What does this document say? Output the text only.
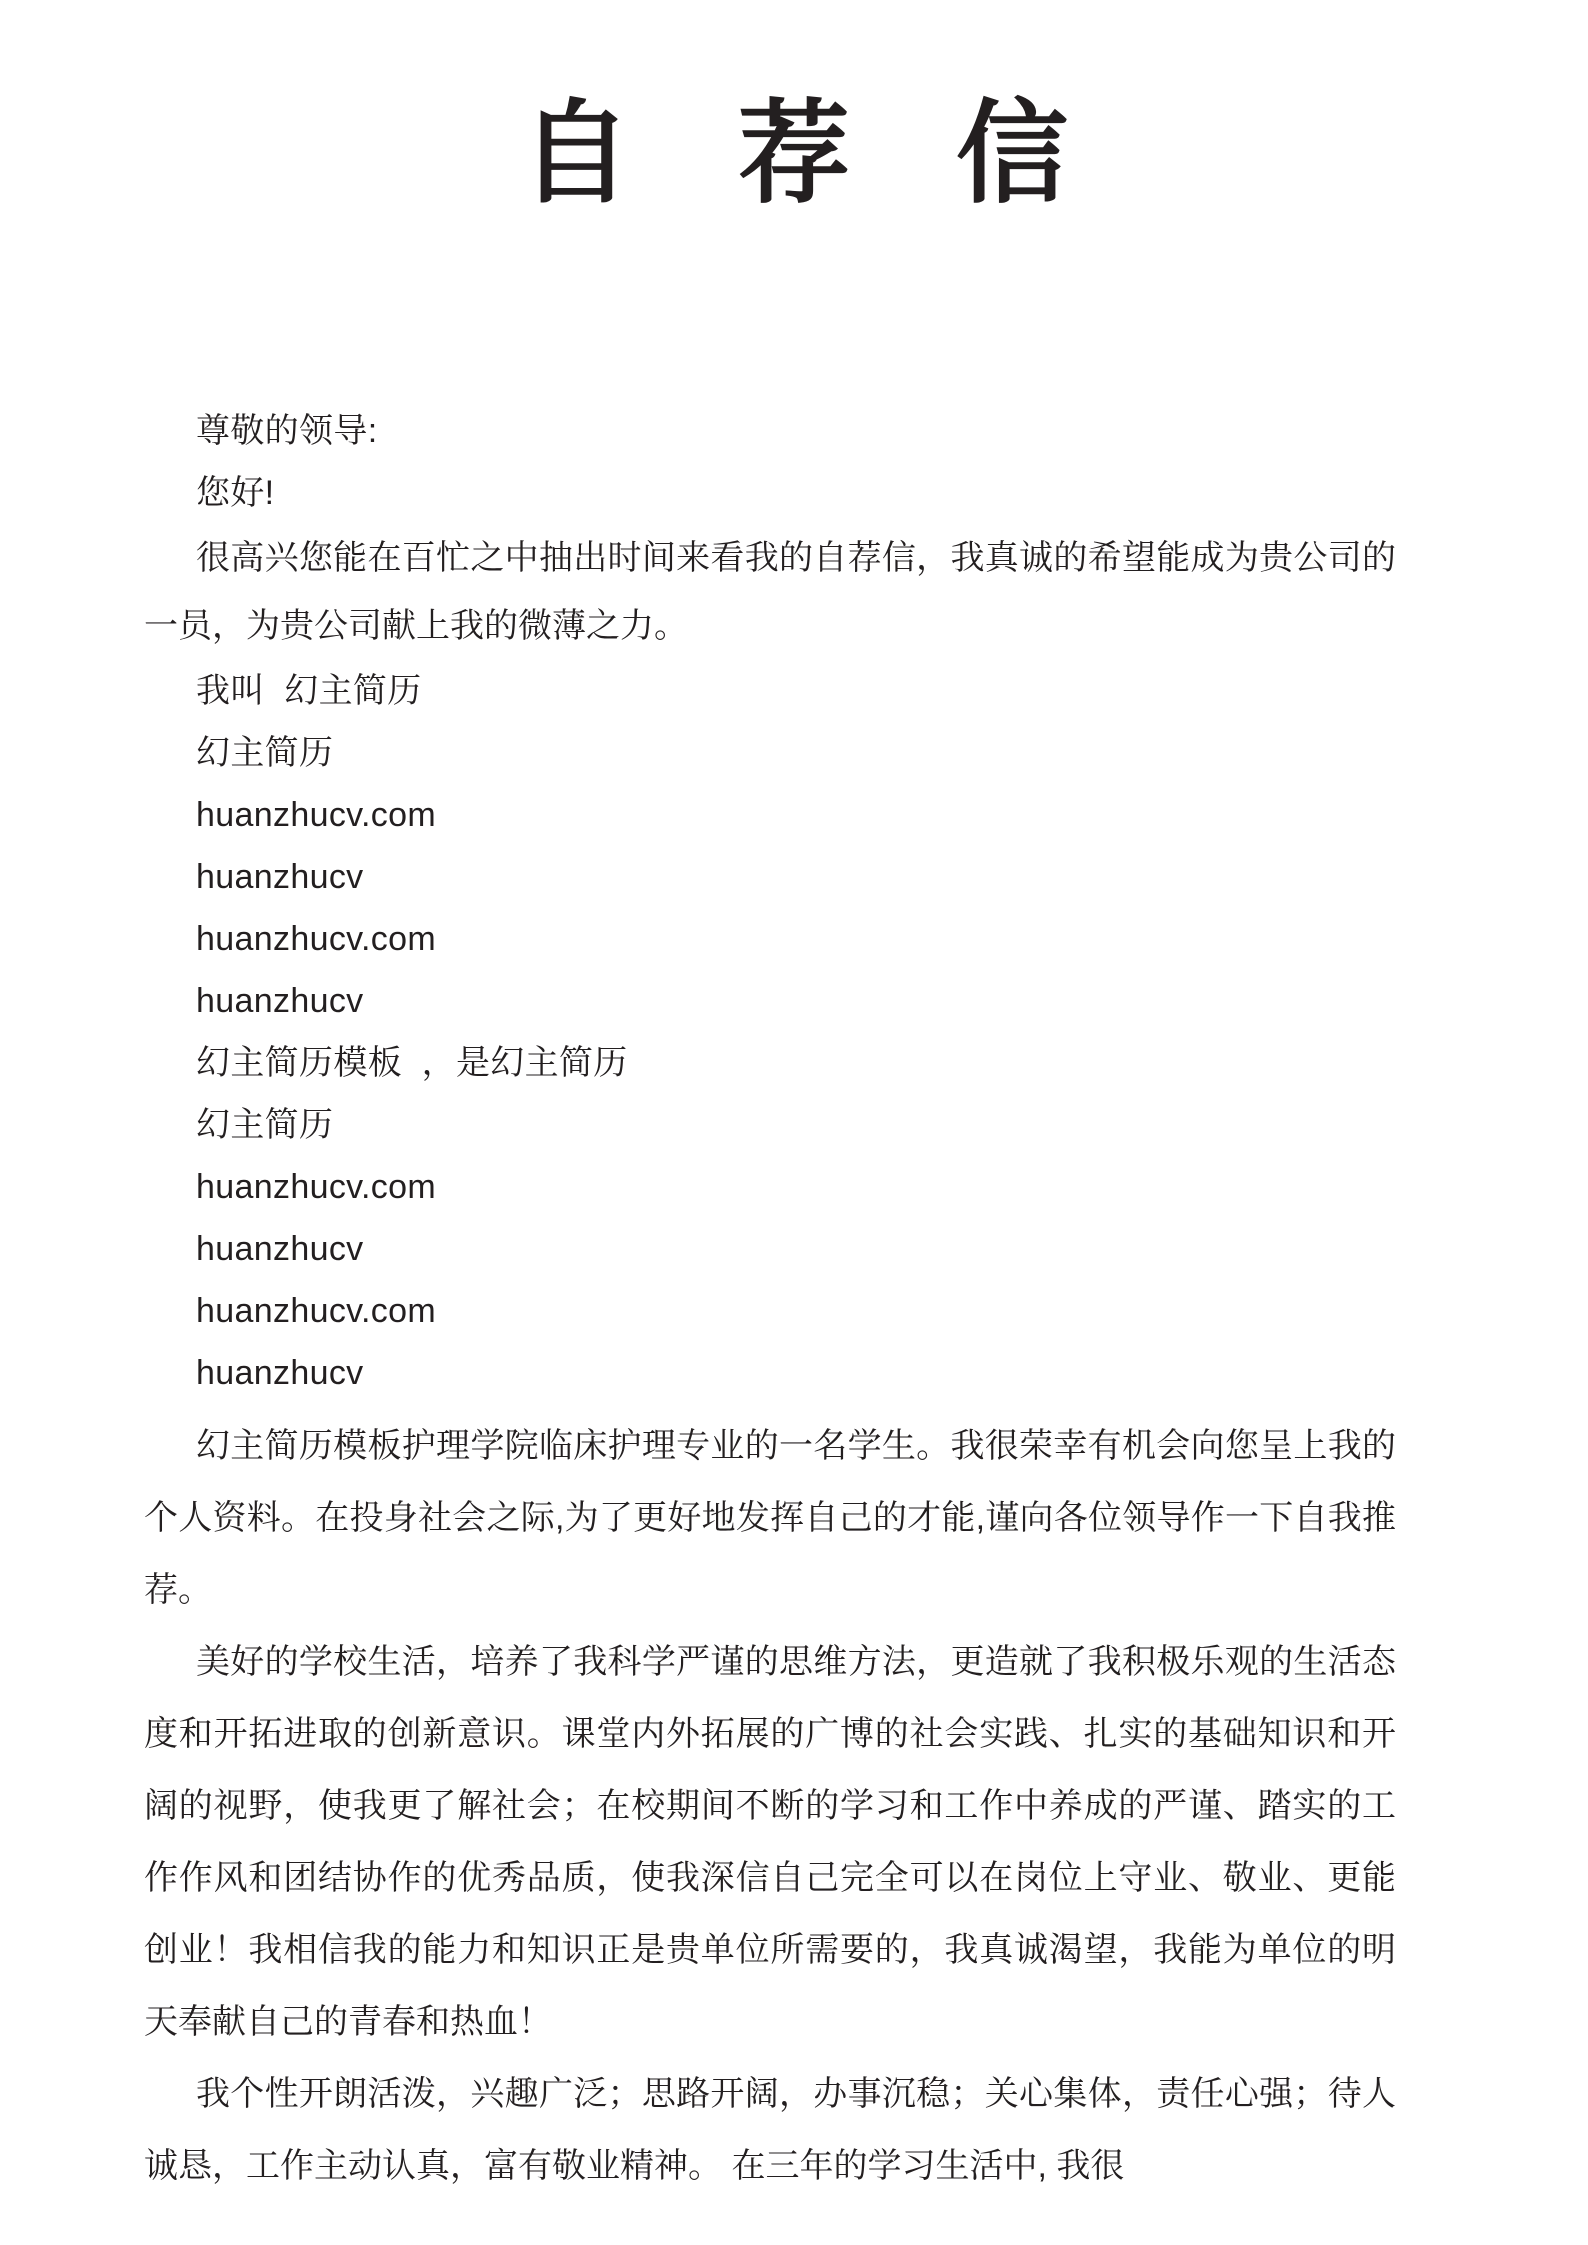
自 荐 信
尊敬的领导:
您好!

很高兴您能在百忙之中抽出时间来看我的自荐信，我真诚的希望能成为贵公司的一员，为贵公司献上我的微薄之力。

我叫  幻主简历
幻主简历
huanzhucv.com
huanzhucv
huanzhucv.com
huanzhucv
幻主简历模板  ，是幻主简历
幻主简历
huanzhucv.com
huanzhucv
huanzhucv.com
huanzhucv

幻主简历模板护理学院临床护理专业的一名学生。我很荣幸有机会向您呈上我的个人资料。在投身社会之际,为了更好地发挥自己的才能,谨向各位领导作一下自我推荐。

美好的学校生活，培养了我科学严谨的思维方法，更造就了我积极乐观的生活态度和开拓进取的创新意识。课堂内外拓展的广博的社会实践、扎实的基础知识和开阔的视野，使我更了解社会；在校期间不断的学习和工作中养成的严谨、踏实的工作作风和团结协作的优秀品质，使我深信自己完全可以在岗位上守业、敬业、更能创业！我相信我的能力和知识正是贵单位所需要的，我真诚渴望，我能为单位的明天奉献自己的青春和热血！

我个性开朗活泼，兴趣广泛；思路开阔，办事沉稳；关心集体，责任心强；待人诚恳，工作主动认真，富有敬业精神。 在三年的学习生活中, 我很
